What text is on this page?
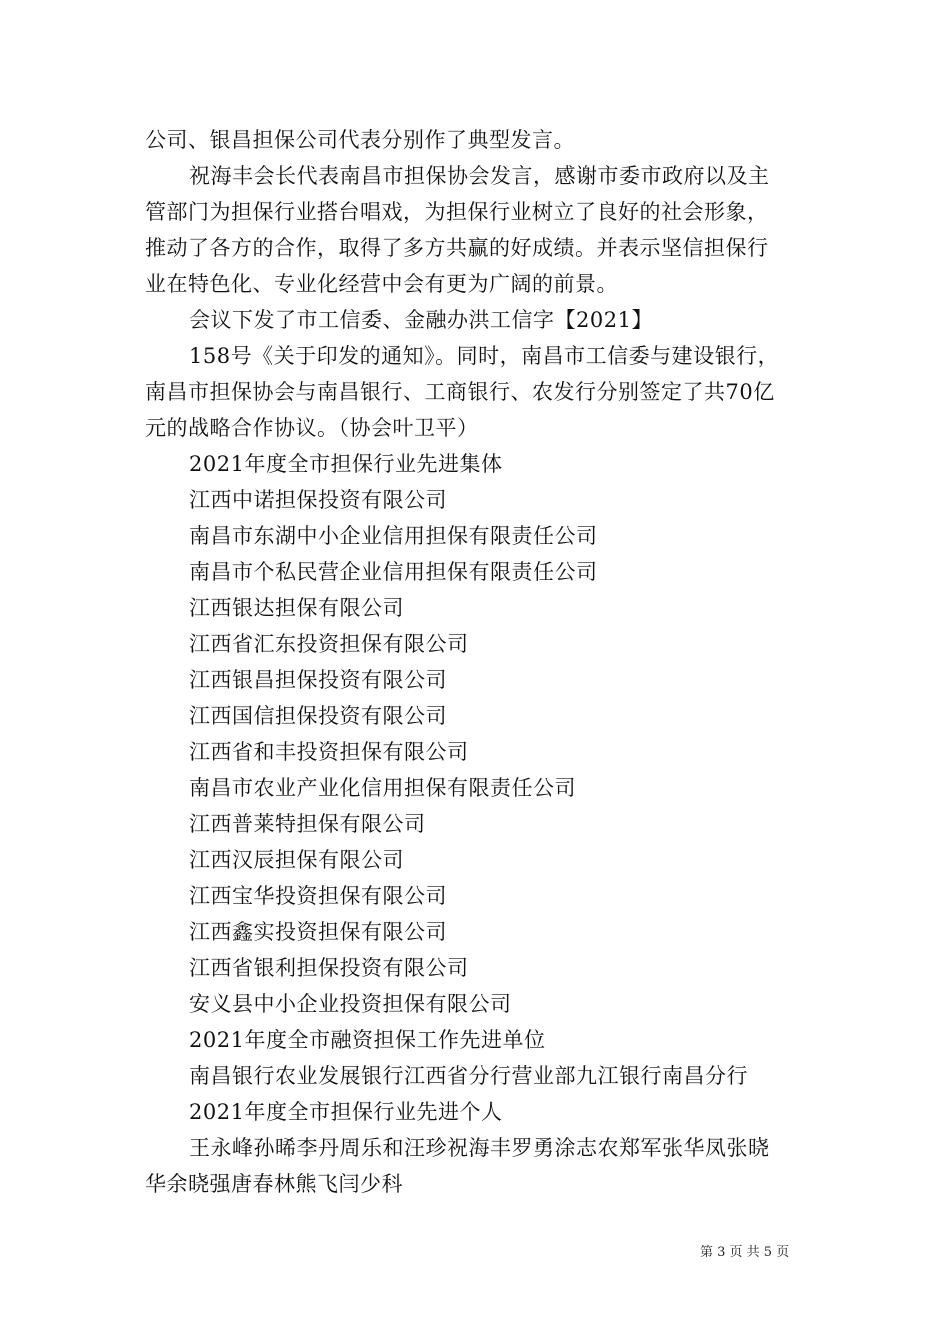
公司、银昌担保公司代表分别作了典型发言。
祝海丰会长代表南昌市担保协会发言，感谢市委市政府以及主
管部门为担保行业搭台唱戏，为担保行业树立了良好的社会形象，
推动了各方的合作，取得了多方共赢的好成绩。并表示坚信担保行
业在特色化、专业化经营中会有更为广阔的前景。
会议下发了市工信委、金融办洪工信字【2021】
158号《关于印发的通知》。同时，南昌市工信委与建设银行，
南昌市担保协会与南昌银行、工商银行、农发行分别签定了共70亿
元的战略合作协议。（协会叶卫平）
2021年度全市担保行业先进集体
江西中诺担保投资有限公司
南昌市东湖中小企业信用担保有限责任公司
南昌市个私民营企业信用担保有限责任公司
江西银达担保有限公司
江西省汇东投资担保有限公司
江西银昌担保投资有限公司
江西国信担保投资有限公司
江西省和丰投资担保有限公司
南昌市农业产业化信用担保有限责任公司
江西普莱特担保有限公司
江西汉辰担保有限公司
江西宝华投资担保有限公司
江西鑫实投资担保有限公司
江西省银利担保投资有限公司
安义县中小企业投资担保有限公司
2021年度全市融资担保工作先进单位
南昌银行农业发展银行江西省分行营业部九江银行南昌分行
2021年度全市担保行业先进个人
王永峰孙晞李丹周乐和汪珍祝海丰罗勇涂志农郑军张华凤张晓
华余晓强唐春林熊飞闫少科
第 3 页 共 5 页
